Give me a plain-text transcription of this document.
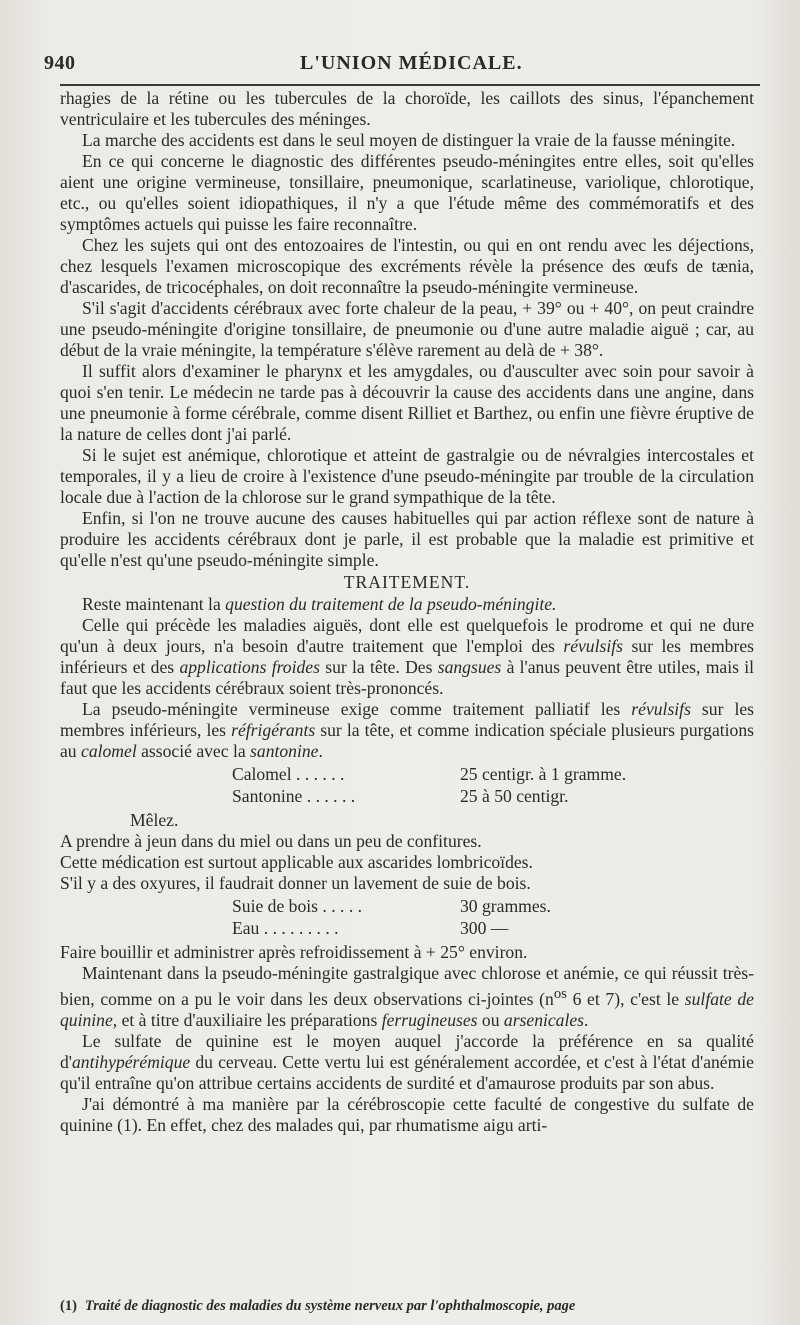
940	L'UNION MÉDICALE.

rhagies de la rétine ou les tubercules de la choroïde, les caillots des sinus, l'épanchement ventriculaire et les tubercules des méninges.

La marche des accidents est dans le seul moyen de distinguer la vraie de la fausse méningite.

En ce qui concerne le diagnostic des différentes pseudo-méningites entre elles, soit qu'elles aient une origine vermineuse, tonsillaire, pneumonique, scarlatineuse, variolique, chlorotique, etc., ou qu'elles soient idiopathiques, il n'y a que l'étude même des commémoratifs et des symptômes actuels qui puisse les faire reconnaître.

Chez les sujets qui ont des entozoaires de l'intestin, ou qui en ont rendu avec les déjections, chez lesquels l'examen microscopique des excréments révèle la présence des œufs de tænia, d'ascarides, de tricocéphales, on doit reconnaître la pseudo-méningite vermineuse.

S'il s'agit d'accidents cérébraux avec forte chaleur de la peau, + 39° ou + 40°, on peut craindre une pseudo-méningite d'origine tonsillaire, de pneumonie ou d'une autre maladie aiguë ; car, au début de la vraie méningite, la température s'élève rarement au delà de + 38°.

Il suffit alors d'examiner le pharynx et les amygdales, ou d'ausculter avec soin pour savoir à quoi s'en tenir. Le médecin ne tarde pas à découvrir la cause des accidents dans une angine, dans une pneumonie à forme cérébrale, comme disent Rilliet et Barthez, ou enfin une fièvre éruptive de la nature de celles dont j'ai parlé.

Si le sujet est anémique, chlorotique et atteint de gastralgie ou de névralgies intercostales et temporales, il y a lieu de croire à l'existence d'une pseudo-méningite par trouble de la circulation locale due à l'action de la chlorose sur le grand sympathique de la tête.

Enfin, si l'on ne trouve aucune des causes habituelles qui par action réflexe sont de nature à produire les accidents cérébraux dont je parle, il est probable que la maladie est primitive et qu'elle n'est qu'une pseudo-méningite simple.

TRAITEMENT.

Reste maintenant la question du traitement de la pseudo-méningite.

Celle qui précède les maladies aiguës, dont elle est quelquefois le prodrome et qui ne dure qu'un à deux jours, n'a besoin d'autre traitement que l'emploi des révulsifs sur les membres inférieurs et des applications froides sur la tête. Des sangsues à l'anus peuvent être utiles, mais il faut que les accidents cérébraux soient très-prononcés.

La pseudo-méningite vermineuse exige comme traitement palliatif les révulsifs sur les membres inférieurs, les réfrigérants sur la tête, et comme indication spéciale plusieurs purgations au calomel associé avec la santonine.

Calomel . . . . . .	25 centigr. à 1 gramme.
Santonine . . . . . .	25 à 50 centigr.
Mêlez.

A prendre à jeun dans du miel ou dans un peu de confitures.

Cette médication est surtout applicable aux ascarides lombricoïdes.

S'il y a des oxyures, il faudrait donner un lavement de suie de bois.

Suie de bois . . . . .	30 grammes.
Eau . . . . . . . . .	300 —

Faire bouillir et administrer après refroidissement à + 25° environ.

Maintenant dans la pseudo-méningite gastralgique avec chlorose et anémie, ce qui réussit très-bien, comme on a pu le voir dans les deux observations ci-jointes ($n^{os}$ 6 et 7), c'est le sulfate de quinine, et à titre d'auxiliaire les préparations ferrugineuses ou arsenicales.

Le sulfate de quinine est le moyen auquel j'accorde la préférence en sa qualité d'antihypérémique du cerveau. Cette vertu lui est généralement accordée, et c'est à l'état d'anémie qu'il entraîne qu'on attribue certains accidents de surdité et d'amaurose produits par son abus.

J'ai démontré à ma manière par la cérébroscopie cette faculté de congestive du sulfate de quinine (1). En effet, chez des malades qui, par rhumatisme aigu arti-

(1) Traité de diagnostic des maladies du système nerveux par l'ophthalmoscopie, page
